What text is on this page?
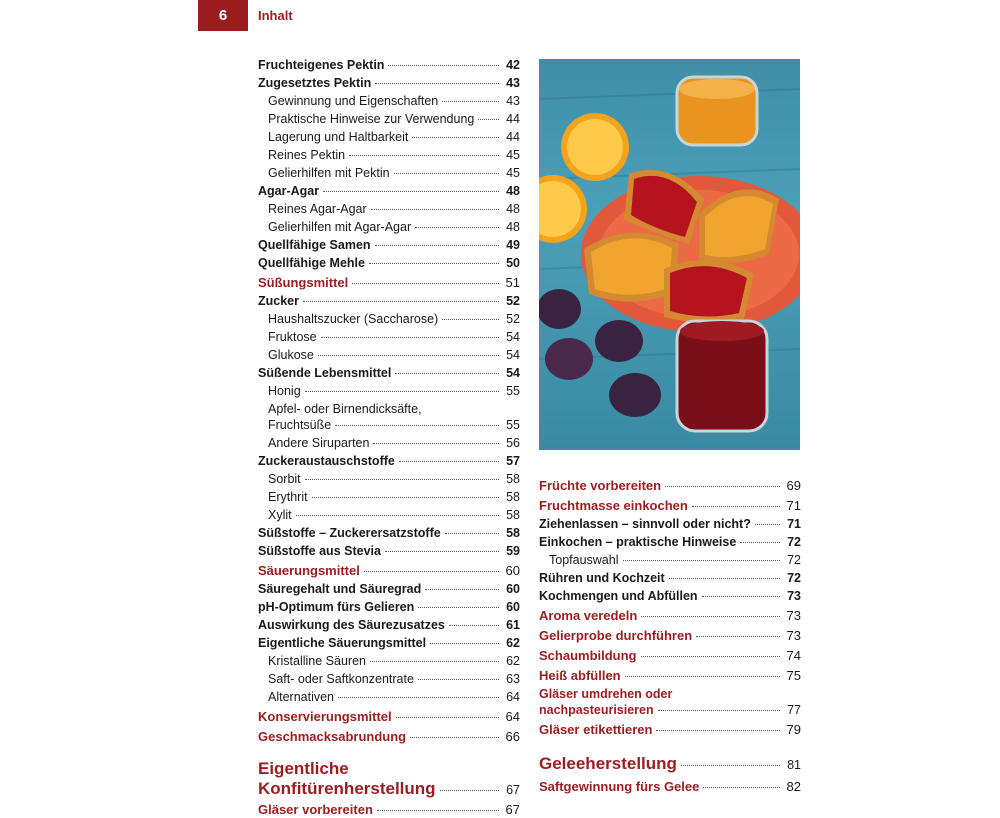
6 Inhalt
Fruchteigenes Pektin	42
Zugesetztes Pektin	43
Gewinnung und Eigenschaften	43
Praktische Hinweise zur Verwendung	44
Lagerung und Haltbarkeit	44
Reines Pektin	45
Gelierhilfen mit Pektin	45
Agar-Agar	48
Reines Agar-Agar	48
Gelierhilfen mit Agar-Agar	48
Quellfähige Samen	49
Quellfähige Mehle	50
Süßungsmittel	51
Zucker	52
Haushaltszucker (Saccharose)	52
Fruktose	54
Glukose	54
Süßende Lebensmittel	54
Honig	55
Apfel- oder Birnendicksäfte,
Fruchtsüße	55
Andere Siruparten	56
Zuckeraustauschstoffe	57
Sorbit	58
Erythrit	58
Xylit	58
Süßstoffe – Zuckerersatzstoffe	58
Süßstoffe aus Stevia	59
Säuerungsmittel	60
Säuregehalt und Säuregrad	60
pH-Optimum fürs Gelieren	60
Auswirkung des Säurezusatzes	61
Eigentliche Säuerungsmittel	62
Kristalline Säuren	62
Saft- oder Saftkonzentrate	63
Alternativen	64
Konservierungsmittel	64
Geschmacksabrundung	66
Eigentliche
Konfitürenherstellung	67
Gläser vorbereiten	67
Früchte vorbereiten	69
Fruchtmasse einkochen	71
Ziehenlassen – sinnvoll oder nicht?	71
Einkochen – praktische Hinweise	72
Topfauswahl	72
Rühren und Kochzeit	72
Kochmengen und Abfüllen	73
Aroma veredeln	73
Gelierprobe durchführen	73
Schaumbildung	74
Heiß abfüllen	75
Gläser umdrehen oder
nachpasteurisieren	77
Gläser etikettieren	79
Geleeherstellung	81
Saftgewinnung fürs Gelee	82
